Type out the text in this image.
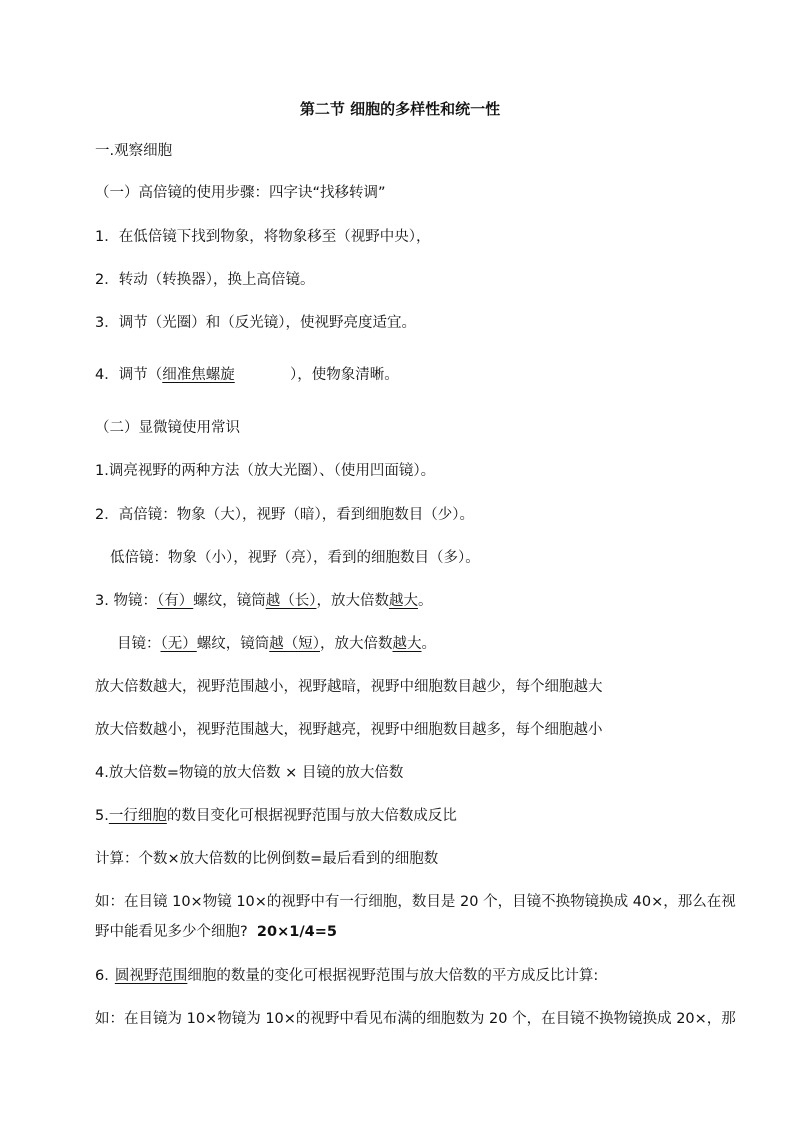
第二节 细胞的多样性和统一性
一.观察细胞
（一）高倍镜的使用步骤：四字诀“找移转调”
1．在低倍镜下找到物象，将物象移至（视野中央），
2．转动（转换器），换上高倍镜。
3．调节（光圈）和（反光镜），使视野亮度适宜。
4．调节（细准焦螺旋	），使物象清晰。
（二）显微镜使用常识
1.调亮视野的两种方法（放大光圈）、（使用凹面镜）。
2．高倍镜：物象（大），视野（暗），看到细胞数目（少）。
低倍镜：物象（小），视野（亮），看到的细胞数目（多）。
3. 物镜：（有）螺纹，镜筒越（长），放大倍数越大。
目镜：（无）螺纹，镜筒越（短），放大倍数越大。
放大倍数越大，视野范围越小，视野越暗，视野中细胞数目越少，每个细胞越大
放大倍数越小，视野范围越大，视野越亮，视野中细胞数目越多，每个细胞越小
4.放大倍数=物镜的放大倍数 × 目镜的放大倍数
5.一行细胞的数目变化可根据视野范围与放大倍数成反比
计算：个数×放大倍数的比例倒数=最后看到的细胞数
如：在目镜 10×物镜 10×的视野中有一行细胞，数目是 20 个，目镜不换物镜换成 40×，那么在视
野中能看见多少个细胞? 20×1/4=5
6. 圆视野范围细胞的数量的变化可根据视野范围与放大倍数的平方成反比计算:
如：在目镜为 10×物镜为 10×的视野中看见布满的细胞数为 20 个，在目镜不换物镜换成 20×，那
